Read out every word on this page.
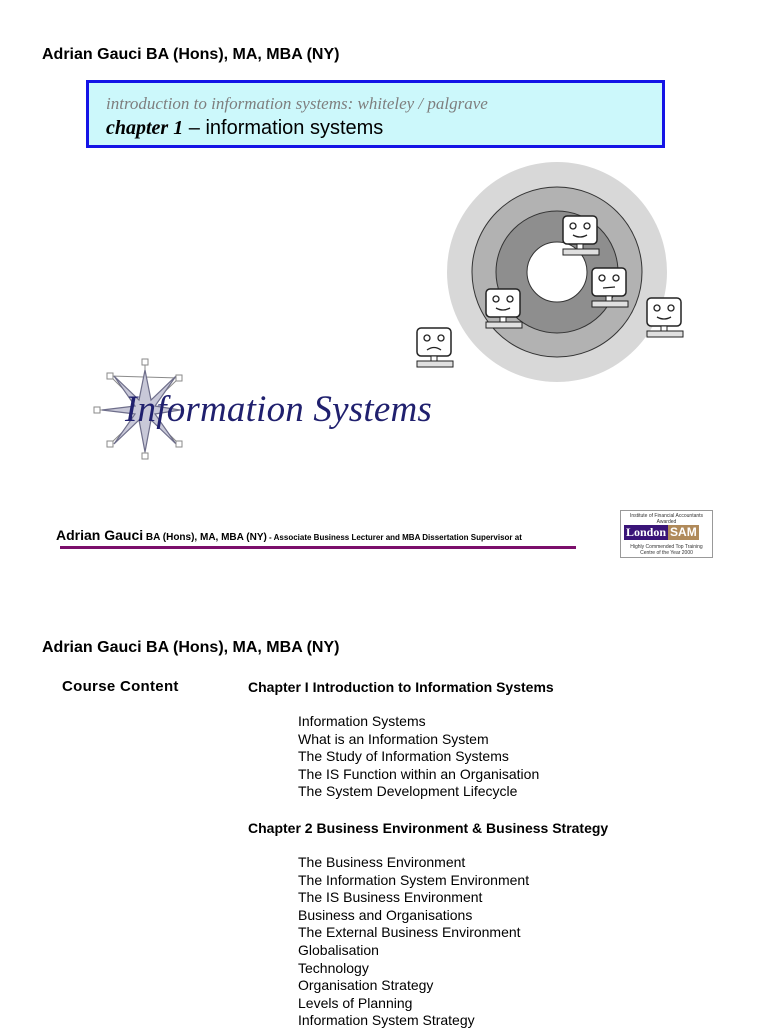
Adrian Gauci BA (Hons), MA, MBA (NY)
introduction to information systems: whiteley / palgrave
chapter 1 – information systems
Information Systems
Adrian Gauci BA (Hons), MA, MBA (NY) - Associate Business Lecturer and MBA Dissertation Supervisor at
Institute of Financial Accountants Awarded
London SAM
Highly Commended Top Training Centre of the Year 2000
Adrian Gauci BA (Hons), MA, MBA (NY)
Course Content	Chapter I Introduction to Information Systems
Information Systems
What is an Information System
The Study of Information Systems
The IS Function within an Organisation
The System Development Lifecycle
Chapter 2 Business Environment & Business Strategy
The Business Environment
The Information System Environment
The IS Business Environment
Business and Organisations
The External Business Environment
Globalisation
Technology
Organisation Strategy
Levels of Planning
Information System Strategy
